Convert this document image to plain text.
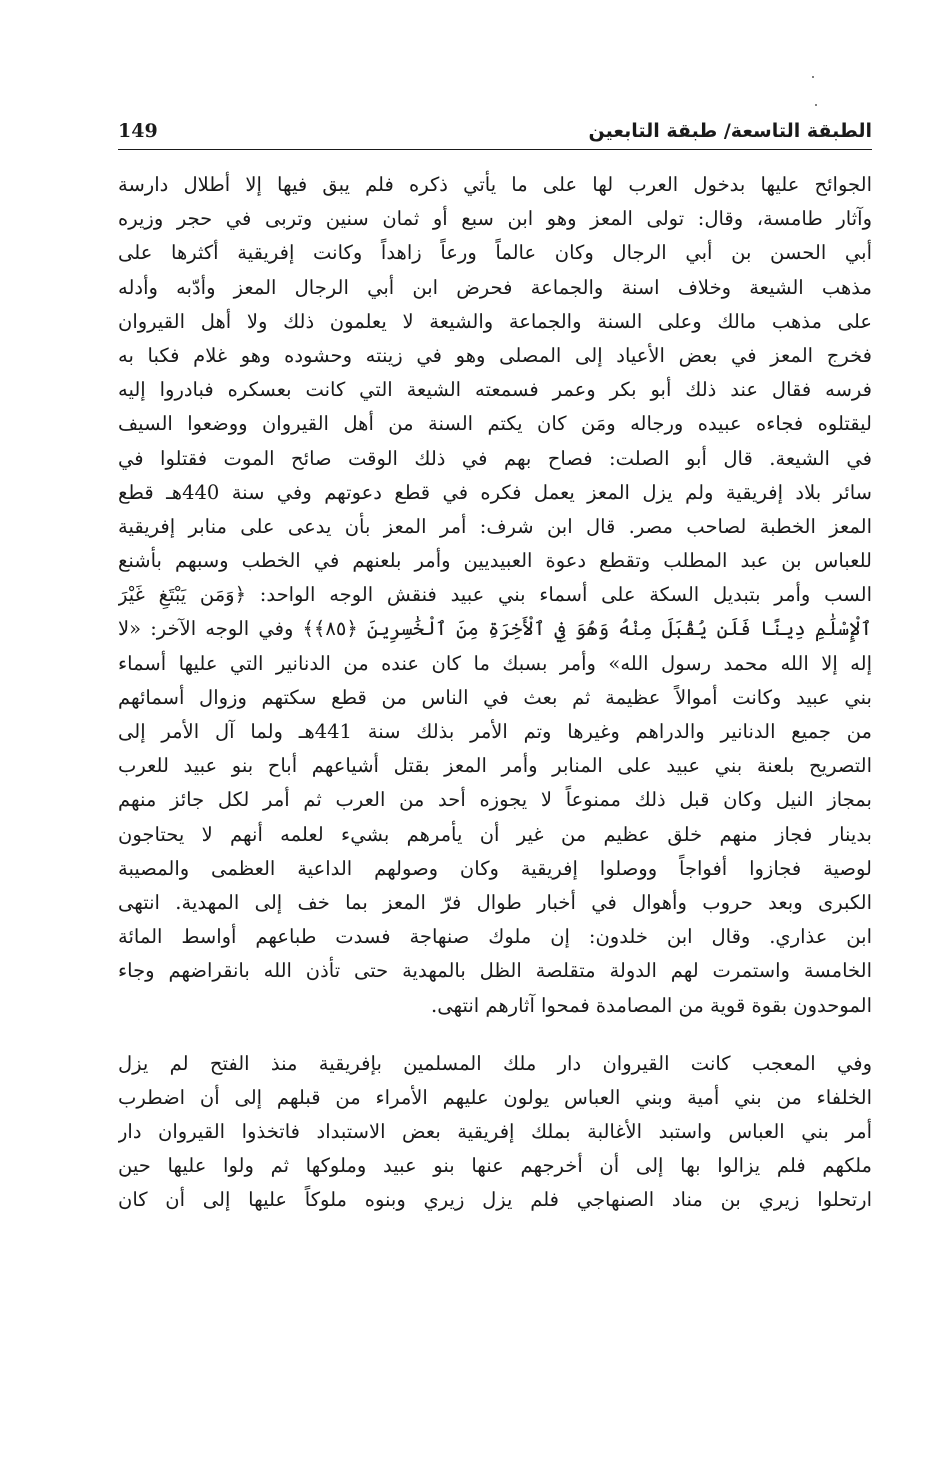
الطبقة التاسعة/ طبقة التابعين
149
الجوائح عليها بدخول العرب لها على ما يأتي ذكره فلم يبق فيها إلا أطلال دارسة
وآثار طامسة، وقال: تولى المعز وهو ابن سبع أو ثمان سنين وتربى في حجر وزيره
أبي الحسن بن أبي الرجال وكان عالماً ورعاً زاهداً وكانت إفريقية أكثرها على
مذهب الشيعة وخلاف اسنة والجماعة فحرض ابن أبي الرجال المعز وأدّبه وأدله
على مذهب مالك وعلى السنة والجماعة والشيعة لا يعلمون ذلك ولا أهل القيروان
فخرج المعز في بعض الأعياد إلى المصلى وهو في زينته وحشوده وهو غلام فكبا به
فرسه فقال عند ذلك أبو بكر وعمر فسمعته الشيعة التي كانت بعسكره فبادروا إليه
ليقتلوه فجاءه عبيده ورجاله ومَن كان يكتم السنة من أهل القيروان ووضعوا السيف
في الشيعة. قال أبو الصلت: فصاح بهم في ذلك الوقت صائح الموت فقتلوا في
سائر بلاد إفريقية ولم يزل المعز يعمل فكره في قطع دعوتهم وفي سنة 440هـ قطع
المعز الخطبة لصاحب مصر. قال ابن شرف: أمر المعز بأن يدعى على منابر إفريقية
للعباس بن عبد المطلب وتقطع دعوة العبيديين وأمر بلعنهم في الخطب وسبهم بأشنع
السب وأمر بتبديل السكة على أسماء بني عبيد فنقش الوجه الواحد: ﴿وَمَن يَبْتَغِ غَيْرَ
ٱلْإِسْلَٰمِ دِينًا فَلَن يُقْبَلَ مِنْهُ وَهُوَ فِي ٱلْأَخِرَةِ مِنَ ٱلْخَٰسِرِينَ ﴿٨٥﴾﴾ وفي الوجه الآخر: «لا
إله إلا الله محمد رسول الله» وأمر بسبك ما كان عنده من الدنانير التي عليها أسماء
بني عبيد وكانت أموالاً عظيمة ثم بعث في الناس من قطع سكتهم وزوال أسمائهم
من جميع الدنانير والدراهم وغيرها وتم الأمر بذلك سنة 441هـ ولما آل الأمر إلى
التصريح بلعنة بني عبيد على المنابر وأمر المعز بقتل أشياعهم أباح بنو عبيد للعرب
بمجاز النيل وكان قبل ذلك ممنوعاً لا يجوزه أحد من العرب ثم أمر لكل جائز منهم
بدينار فجاز منهم خلق عظيم من غير أن يأمرهم بشيء لعلمه أنهم لا يحتاجون
لوصية فجازوا أفواجاً ووصلوا إفريقية وكان وصولهم الداعية العظمى والمصيبة
الكبرى وبعد حروب وأهوال في أخبار طوال فرّ المعز بما خف إلى المهدية. انتهى
ابن عذاري. وقال ابن خلدون: إن ملوك صنهاجة فسدت طباعهم أواسط المائة
الخامسة واستمرت لهم الدولة متقلصة الظل بالمهدية حتى تأذن الله بانقراضهم وجاء
الموحدون بقوة قوية من المصامدة فمحوا آثارهم انتهى.
وفي المعجب كانت القيروان دار ملك المسلمين بإفريقية منذ الفتح لم يزل
الخلفاء من بني أمية وبني العباس يولون عليهم الأمراء من قبلهم إلى أن اضطرب
أمر بني العباس واستبد الأغالبة بملك إفريقية بعض الاستبداد فاتخذوا القيروان دار
ملكهم فلم يزالوا بها إلى أن أخرجهم عنها بنو عبيد وملوكها ثم ولوا عليها حين
ارتحلوا زيري بن مناد الصنهاجي فلم يزل زيري وبنوه ملوكاً عليها إلى أن كان
